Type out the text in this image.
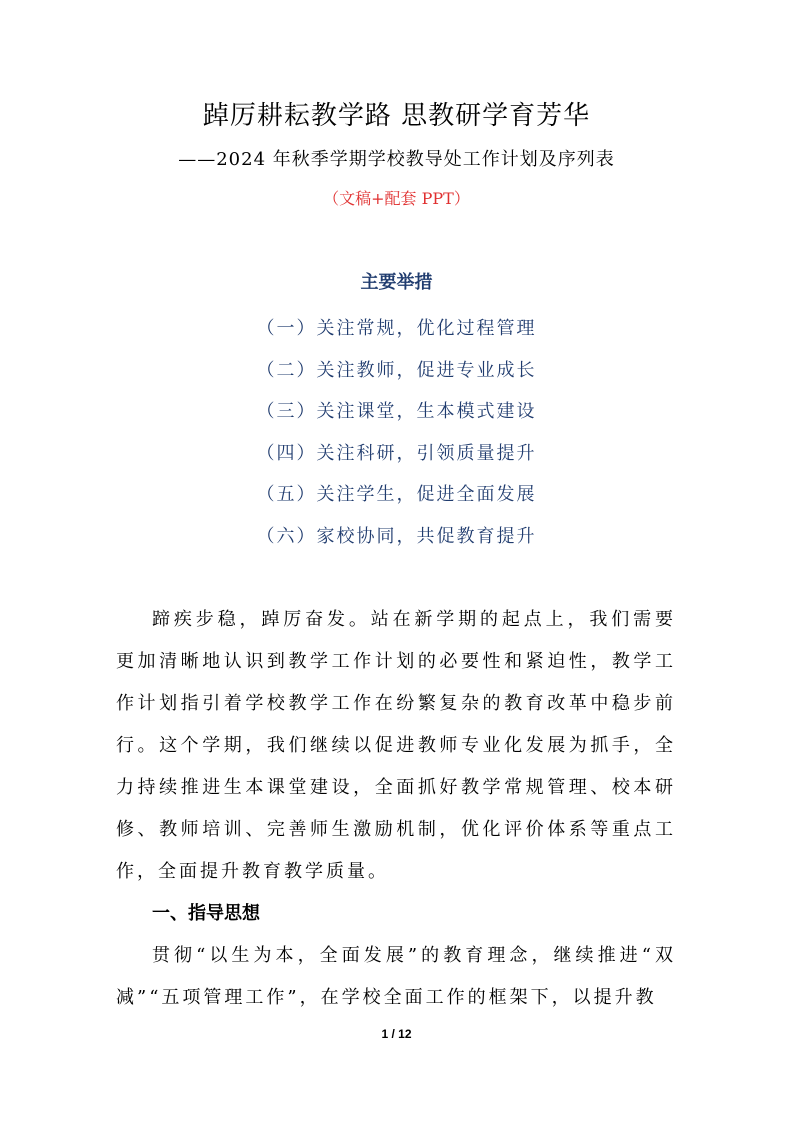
踔厉耕耘教学路 思教研学育芳华
——2024 年秋季学期学校教导处工作计划及序列表
（文稿+配套 PPT）
主要举措
（一）关注常规，优化过程管理
（二）关注教师，促进专业成长
（三）关注课堂，生本模式建设
（四）关注科研，引领质量提升
（五）关注学生，促进全面发展
（六）家校协同，共促教育提升

蹄疾步稳，踔厉奋发。站在新学期的起点上，我们需要更加清晰地认识到教学工作计划的必要性和紧迫性，教学工作计划指引着学校教学工作在纷繁复杂的教育改革中稳步前行。这个学期，我们继续以促进教师专业化发展为抓手，全力持续推进生本课堂建设，全面抓好教学常规管理、校本研修、教师培训、完善师生激励机制，优化评价体系等重点工作，全面提升教育教学质量。

一、指导思想

贯彻“以生为本，全面发展”的教育理念，继续推进“双减”“五项管理工作”，在学校全面工作的框架下，以提升教

1 / 12
